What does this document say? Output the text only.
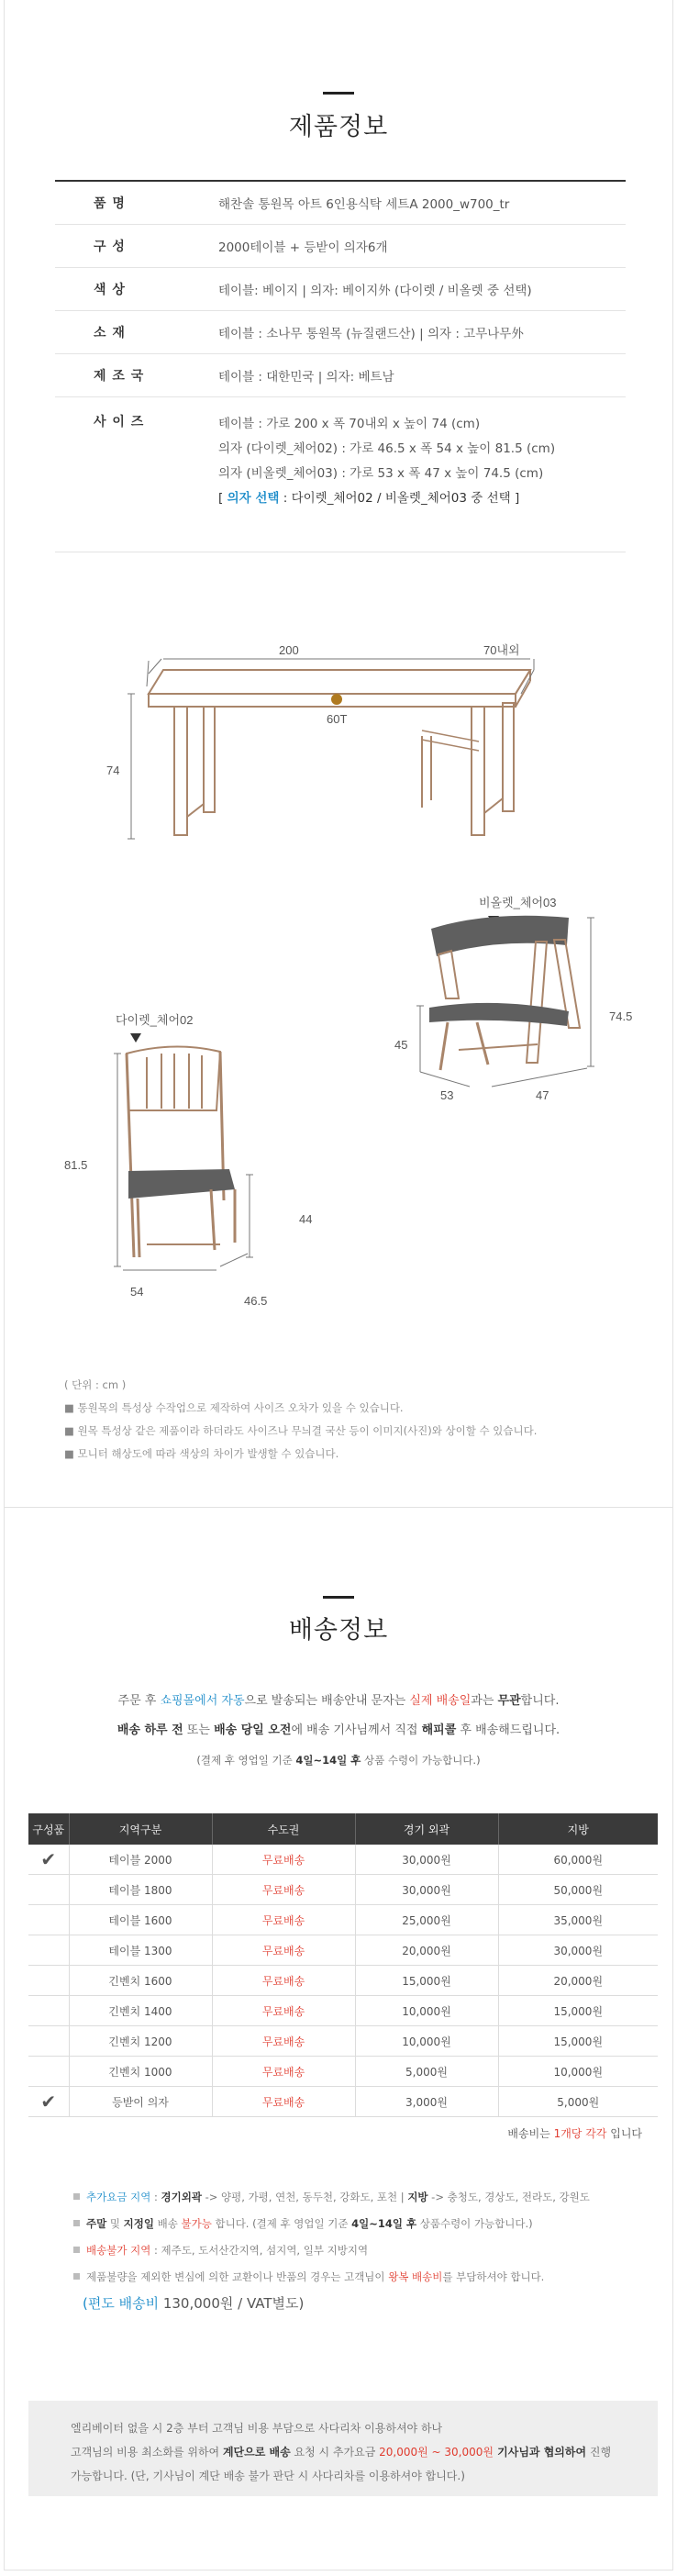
제품정보
품 명	해찬솔 통원목 아트 6인용식탁 세트A 2000_w700_tr
구 성	2000테이블 + 등받이 의자6개
색 상	테이블: 베이지 | 의자: 베이지外 (다이렛 / 비올렛 중 선택)
소 재	테이블 : 소나무 통원목 (뉴질랜드산) | 의자 : 고무나무外
제 조 국	테이블 : 대한민국 | 의자: 베트남
사 이 즈	테이블 : 가로 200 x 폭 70내외 x 높이 74 (cm)
의자 (다이렛_체어02) : 가로 46.5 x 폭 54 x 높이 81.5 (cm)
의자 (비올렛_체어03) : 가로 53 x 폭 47 x 높이 74.5 (cm)
[ 의자 선택 : 다이렛_체어02 / 비올렛_체어03 중 선택 ]
200	70내외
74
60T
비올렛_체어03
74.5
45
53	47
다이렛_체어02
81.5
44
54
46.5
( 단위 : cm )
■ 통원목의 특성상 수작업으로 제작하여 사이즈 오차가 있을 수 있습니다.
■ 원목 특성상 같은 제품이라 하더라도 사이즈나 무늬결 국산 등이 이미지(사진)와 상이할 수 있습니다.
■ 모니터 해상도에 따라 색상의 차이가 발생할 수 있습니다.
배송정보
주문 후 쇼핑몰에서 자동으로 발송되는 배송안내 문자는 실제 배송일과는 무관합니다.
배송 하루 전 또는 배송 당일 오전에 배송 기사님께서 직접 해피콜 후 배송해드립니다.
(결제 후 영업일 기준 4일~14일 후 상품 수령이 가능합니다.)
구성품	지역구분	수도권	경기 외곽	지방
✔	테이블 2000	무료배송	30,000원	60,000원
	테이블 1800	무료배송	30,000원	50,000원
	테이블 1600	무료배송	25,000원	35,000원
	테이블 1300	무료배송	20,000원	30,000원
	긴벤치 1600	무료배송	15,000원	20,000원
	긴벤치 1400	무료배송	10,000원	15,000원
	긴벤치 1200	무료배송	10,000원	15,000원
	긴벤치 1000	무료배송	5,000원	10,000원
✔	등받이 의자	무료배송	3,000원	5,000원
배송비는 1개당 각각 입니다
추가요금 지역 : 경기외곽 -> 양평, 가평, 연천, 동두천, 강화도, 포천 | 지방 -> 충청도, 경상도, 전라도, 강원도
주말 및 지정일 배송 불가능 합니다. (결제 후 영업일 기준 4일~14일 후 상품수령이 가능합니다.)
배송불가 지역 : 제주도, 도서산간지역, 섬지역, 일부 지방지역
제품불량을 제외한 변심에 의한 교환이나 반품의 경우는 고객님이 왕복 배송비를 부담하셔야 합니다.
(편도 배송비 130,000원 / VAT별도)
엘리베이터 없을 시 2층 부터 고객님 비용 부담으로 사다리차 이용하셔야 하나
고객님의 비용 최소화를 위하여 계단으로 배송 요청 시 추가요금 20,000원 ~ 30,000원 기사님과 협의하여 진행
가능합니다. (단, 기사님이 계단 배송 불가 판단 시 사다리차를 이용하셔야 합니다.)
